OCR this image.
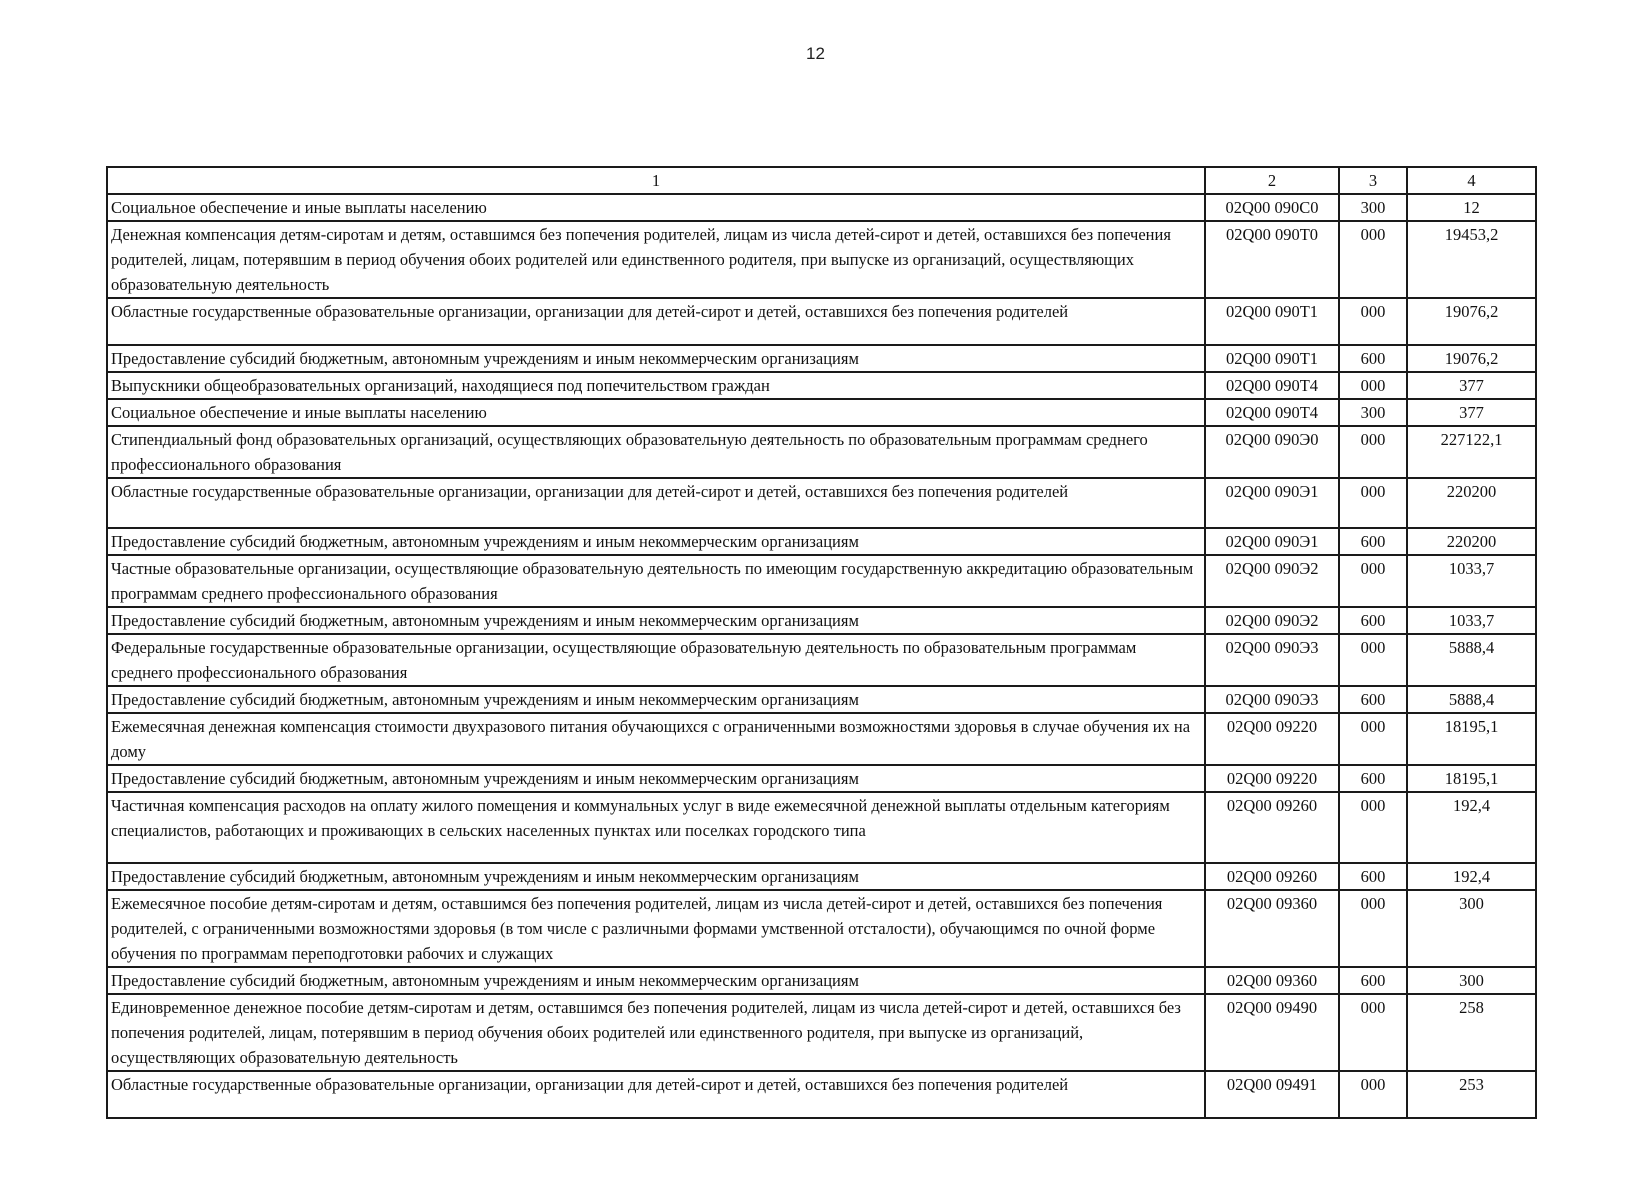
12
1	2	3	4
Социальное обеспечение и иные выплаты населению	02Q00 090C0	300	12
Денежная компенсация детям-сиротам и детям, оставшимся без попечения родителей, лицам из числа детей-сирот и детей, оставшихся без попечения родителей, лицам, потерявшим в период обучения обоих родителей или единственного родителя, при выпуске из организаций, осуществляющих образовательную деятельность	02Q00 090T0	000	19453,2
Областные государственные образовательные организации, организации для детей-сирот и детей, оставшихся без попечения родителей	02Q00 090T1	000	19076,2
Предоставление субсидий бюджетным, автономным учреждениям и иным некоммерческим организациям	02Q00 090T1	600	19076,2
Выпускники общеобразовательных организаций, находящиеся под попечительством граждан	02Q00 090T4	000	377
Социальное обеспечение и иные выплаты населению	02Q00 090T4	300	377
Стипендиальный фонд образовательных организаций, осуществляющих образовательную деятельность по образовательным программам среднего профессионального образования	02Q00 090Э0	000	227122,1
Областные государственные образовательные организации, организации для детей-сирот и детей, оставшихся без попечения родителей	02Q00 090Э1	000	220200
Предоставление субсидий бюджетным, автономным учреждениям и иным некоммерческим организациям	02Q00 090Э1	600	220200
Частные образовательные организации, осуществляющие образовательную деятельность по имеющим государственную аккредитацию образовательным программам среднего профессионального образования	02Q00 090Э2	000	1033,7
Предоставление субсидий бюджетным, автономным учреждениям и иным некоммерческим организациям	02Q00 090Э2	600	1033,7
Федеральные государственные образовательные организации, осуществляющие образовательную деятельность по образовательным программам среднего профессионального образования	02Q00 090Э3	000	5888,4
Предоставление субсидий бюджетным, автономным учреждениям и иным некоммерческим организациям	02Q00 090Э3	600	5888,4
Ежемесячная денежная компенсация стоимости двухразового питания обучающихся с ограниченными возможностями здоровья в случае обучения их на дому	02Q00 09220	000	18195,1
Предоставление субсидий бюджетным, автономным учреждениям и иным некоммерческим организациям	02Q00 09220	600	18195,1
Частичная компенсация расходов на оплату жилого помещения и коммунальных услуг в виде ежемесячной денежной выплаты отдельным категориям специалистов, работающих и проживающих в сельских населенных пунктах или поселках городского типа	02Q00 09260	000	192,4
Предоставление субсидий бюджетным, автономным учреждениям и иным некоммерческим организациям	02Q00 09260	600	192,4
Ежемесячное пособие детям-сиротам и детям, оставшимся без попечения родителей, лицам из числа детей-сирот и детей, оставшихся без попечения родителей, с ограниченными возможностями здоровья (в том числе с различными формами умственной отсталости), обучающимся по очной форме обучения по программам переподготовки рабочих и служащих	02Q00 09360	000	300
Предоставление субсидий бюджетным, автономным учреждениям и иным некоммерческим организациям	02Q00 09360	600	300
Единовременное денежное пособие детям-сиротам и детям, оставшимся без попечения родителей, лицам из числа детей-сирот и детей, оставшихся без попечения родителей, лицам, потерявшим в период обучения обоих родителей или единственного родителя, при выпуске из организаций, осуществляющих образовательную деятельность	02Q00 09490	000	258
Областные государственные образовательные организации, организации для детей-сирот и детей, оставшихся без попечения родителей	02Q00 09491	000	253
